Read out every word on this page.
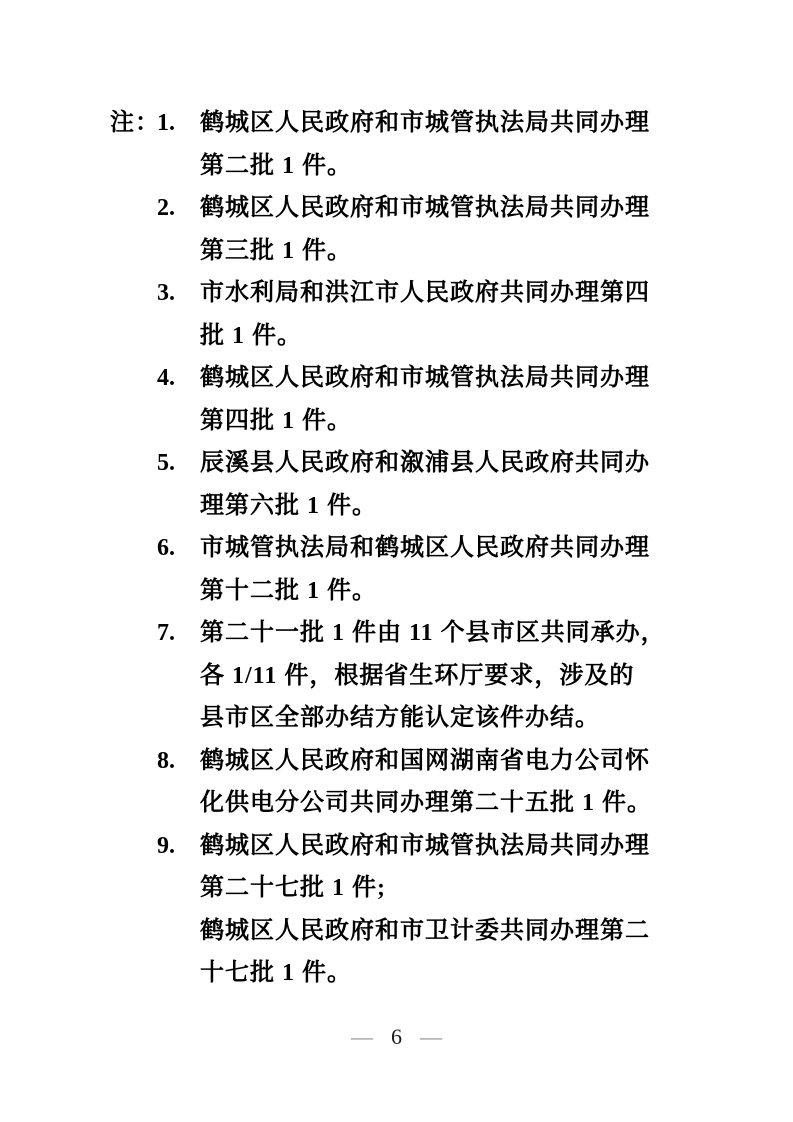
注：
1.	鹤城区人民政府和市城管执法局共同办理
第二批 1 件。
2.	鹤城区人民政府和市城管执法局共同办理
第三批 1 件。
3.	市水利局和洪江市人民政府共同办理第四
批 1 件。
4.	鹤城区人民政府和市城管执法局共同办理
第四批 1 件。
5.	辰溪县人民政府和溆浦县人民政府共同办
理第六批 1 件。
6.	市城管执法局和鹤城区人民政府共同办理
第十二批 1 件。
7.	第二十一批 1 件由 11 个县市区共同承办，
各 1/11 件，根据省生环厅要求，涉及的
县市区全部办结方能认定该件办结。
8.	鹤城区人民政府和国网湖南省电力公司怀
化供电分公司共同办理第二十五批 1 件。
9.	鹤城区人民政府和市城管执法局共同办理
第二十七批 1 件;
鹤城区人民政府和市卫计委共同办理第二
十七批 1 件。
— 6 —
